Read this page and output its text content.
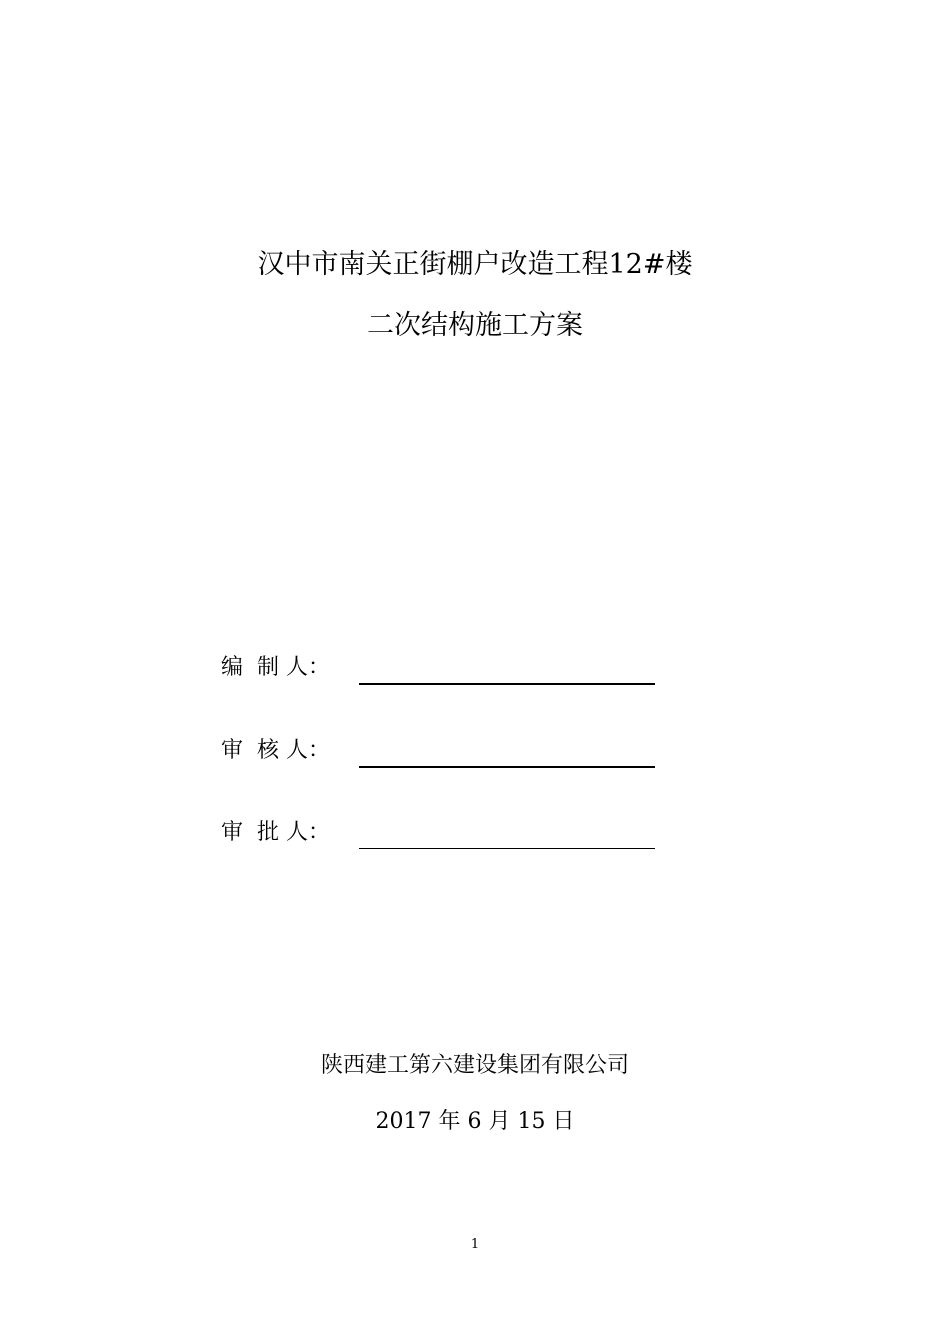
汉中市南关正街棚户改造工程12#楼
二次结构施工方案
编  制 人：
审  核 人：
审  批 人：
陕西建工第六建设集团有限公司
2017 年 6 月 15 日
1
